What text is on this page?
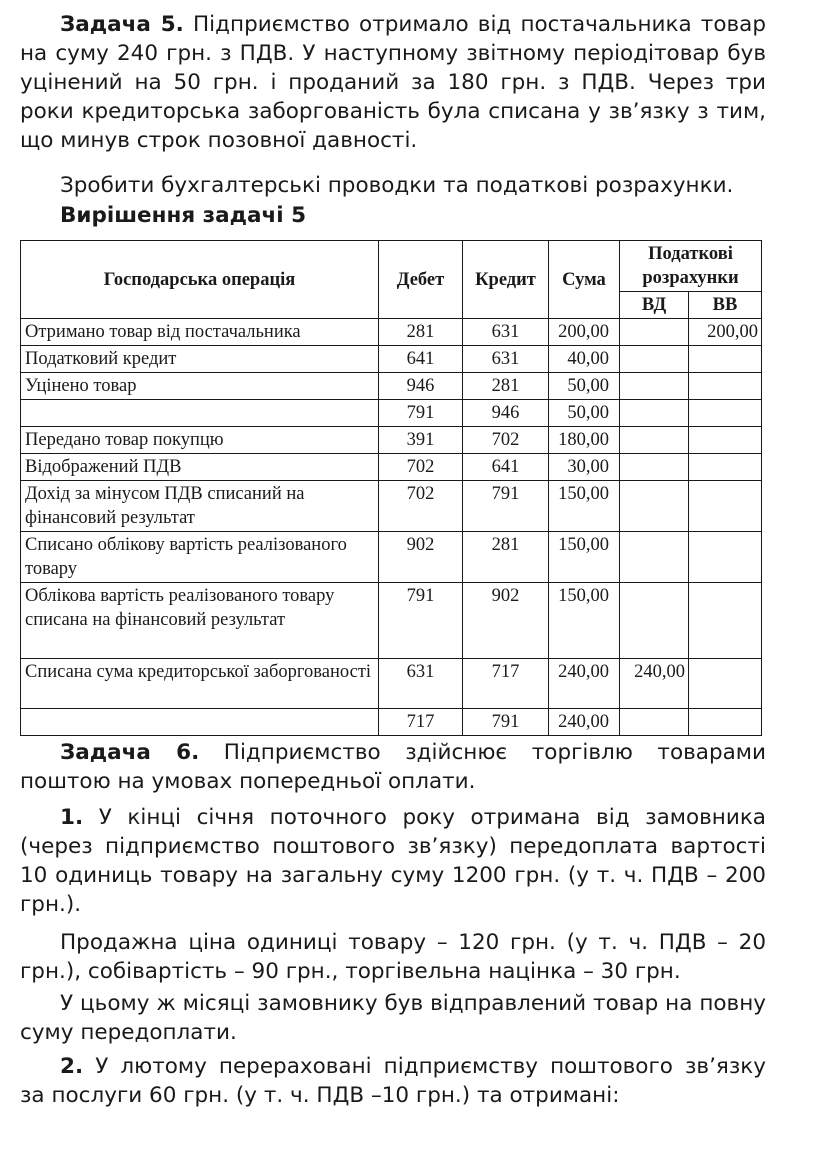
Задача 5. Підприємство отримало від постачальника товар на суму 240 грн. з ПДВ. У наступному звітному періодітовар був уцінений на 50 грн. і проданий за 180 грн. з ПДВ. Через три роки кредиторська заборгованість була списана у зв’язку з тим, що минув строк позовної давності.

Зробити бухгалтерські проводки та податкові розрахунки.

Вирішення задачі 5

Господарська операція	Дебет	Кредит	Сума	Податкові розрахунки	
				ВД	ВВ
Отримано товар від постачальника	281	631	200,00		200,00
Податковий кредит	641	631	40,00		
Уцінено товар	946	281	50,00		
	791	946	50,00		
Передано товар покупцю	391	702	180,00		
Відображений ПДВ	702	641	30,00		
Дохід за мінусом ПДВ списаний на фінансовий результат	702	791	150,00		
Списано облікову вартість реалізованого товару	902	281	150,00		
Облікова вартість реалізованого товару списана на фінансовий результат	791	902	150,00		
Списана сума кредиторської заборгованості	631	717	240,00	240,00	
	717	791	240,00		

Задача 6. Підприємство здійснює торгівлю товарами поштою на умовах попередньої оплати.

1. У кінці січня поточного року отримана від замовника (через підприємство поштового зв’язку) передоплата вартості 10 одиниць товару на загальну суму 1200 грн. (у т. ч. ПДВ – 200 грн.).

Продажна ціна одиниці товару – 120 грн. (у т. ч. ПДВ – 20 грн.), собівартість – 90 грн., торгівельна націнка – 30 грн.

У цьому ж місяці замовнику був відправлений товар на повну суму передоплати.

2. У лютому перераховані підприємству поштового зв’язку за послуги 60 грн. (у т. ч. ПДВ –10 грн.) та отримані:
